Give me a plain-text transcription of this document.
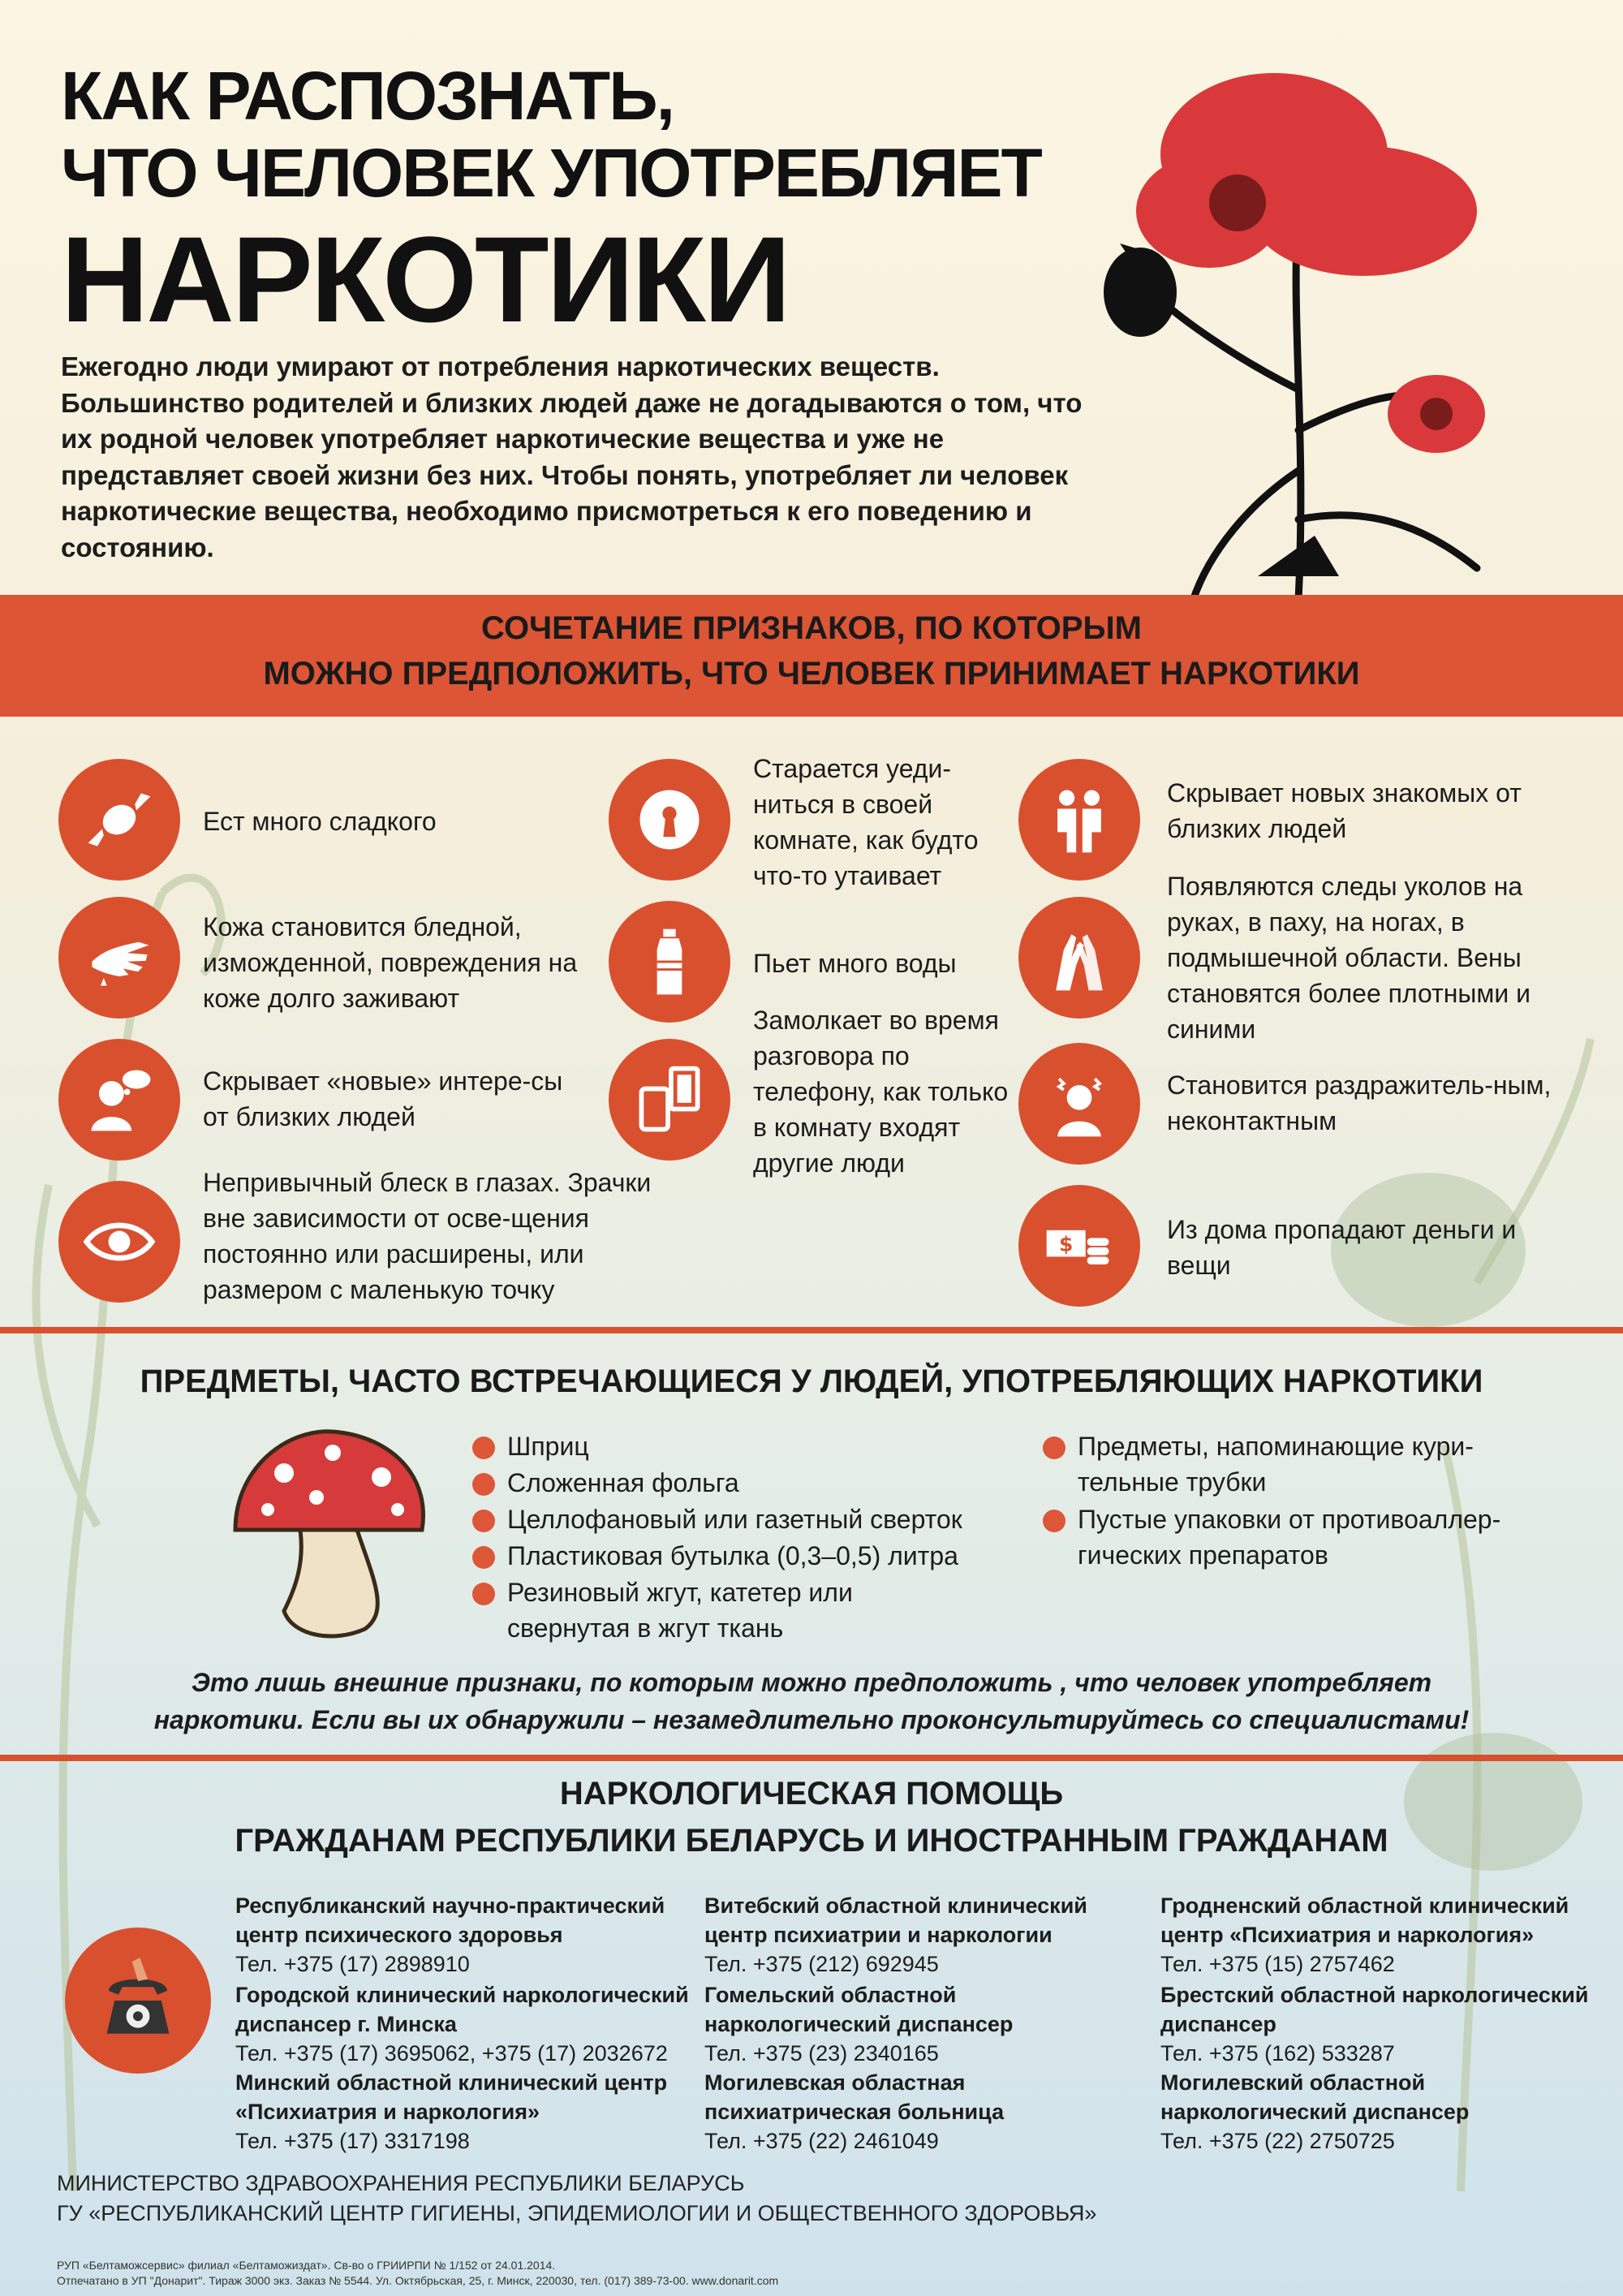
КАК РАСПОЗНАТЬ,
ЧТО ЧЕЛОВЕК УПОТРЕБЛЯЕТ
НАРКОТИКИ
Ежегодно люди умирают от потребления наркотических веществ. Большинство родителей и близких людей даже не догадываются о том, что их родной человек употребляет наркотические вещества и уже не представляет своей жизни без них. Чтобы понять, употребляет ли человек наркотические вещества, необходимо присмотреться к его поведению и состоянию.
СОЧЕТАНИЕ ПРИЗНАКОВ, ПО КОТОРЫМ
МОЖНО ПРЕДПОЛОЖИТЬ, ЧТО ЧЕЛОВЕК ПРИНИМАЕТ НАРКОТИКИ
Ест много сладкого
Кожа становится бледной, изможденной, повреждения на коже долго заживают
Скрывает «новые» интере-сы от близких людей
Непривычный блеск в глазах. Зрачки вне зависимости от осве-щения постоянно или расширены, или размером с маленькую точку
Старается уеди-ниться в своей комнате, как будто что-то утаивает
Пьет много воды
Замолкает во время разговора по телефону, как только в комнату входят другие люди
Скрывает новых знакомых от близких людей
Появляются следы уколов на руках, в паху, на ногах, в подмышечной области. Вены становятся более плотными и синими
Становится раздражитель-ным, неконтактным
$
Из дома пропадают деньги и вещи
ПРЕДМЕТЫ, ЧАСТО ВСТРЕЧАЮЩИЕСЯ У ЛЮДЕЙ, УПОТРЕБЛЯЮЩИХ НАРКОТИКИ
Шприц
Сложенная фольга
Целлофановый или газетный сверток
Пластиковая бутылка (0,3–0,5) литра
Резиновый жгут, катетер или свернутая в жгут ткань
Предметы, напоминающие кури-тельные трубки
Пустые упаковки от противоаллер-гических препаратов
Это лишь внешние признаки, по которым можно предположить , что человек употребляет
наркотики. Если вы их обнаружили – незамедлительно проконсультируйтесь со специалистами!
НАРКОЛОГИЧЕСКАЯ ПОМОЩЬ
ГРАЖДАНАМ РЕСПУБЛИКИ БЕЛАРУСЬ И ИНОСТРАННЫМ ГРАЖДАНАМ
Республиканский научно-практический центр психического здоровья
Тел. +375 (17) 2898910
Городской клинический наркологический диспансер г. Минска
Тел. +375 (17) 3695062, +375 (17) 2032672
Минский областной клинический центр «Психиатрия и наркология»
Тел. +375 (17) 3317198
Витебский областной клинический центр психиатрии и наркологии
Тел. +375 (212) 692945
Гомельский областной наркологический диспансер
Тел. +375 (23) 2340165
Могилевская областная психиатрическая больница
Тел. +375 (22) 2461049
Гродненский областной клинический центр «Психиатрия и наркология»
Тел. +375 (15) 2757462
Брестский областной наркологический диспансер
Тел. +375 (162) 533287
Могилевский областной наркологический диспансер
Тел. +375 (22) 2750725
МИНИСТЕРСТВО ЗДРАВООХРАНЕНИЯ РЕСПУБЛИКИ БЕЛАРУСЬ
ГУ «РЕСПУБЛИКАНСКИЙ ЦЕНТР ГИГИЕНЫ, ЭПИДЕМИОЛОГИИ И ОБЩЕСТВЕННОГО ЗДОРОВЬЯ»
РУП «Белтаможсервис» филиал «Белтаможиздат». Св-во о ГРИИРПИ № 1/152 от 24.01.2014.
Отпечатано в УП "Донарит". Тираж 3000 экз. Заказ № 5544. Ул. Октябрьская, 25, г. Минск, 220030, тел. (017) 389-73-00. www.donarit.com
